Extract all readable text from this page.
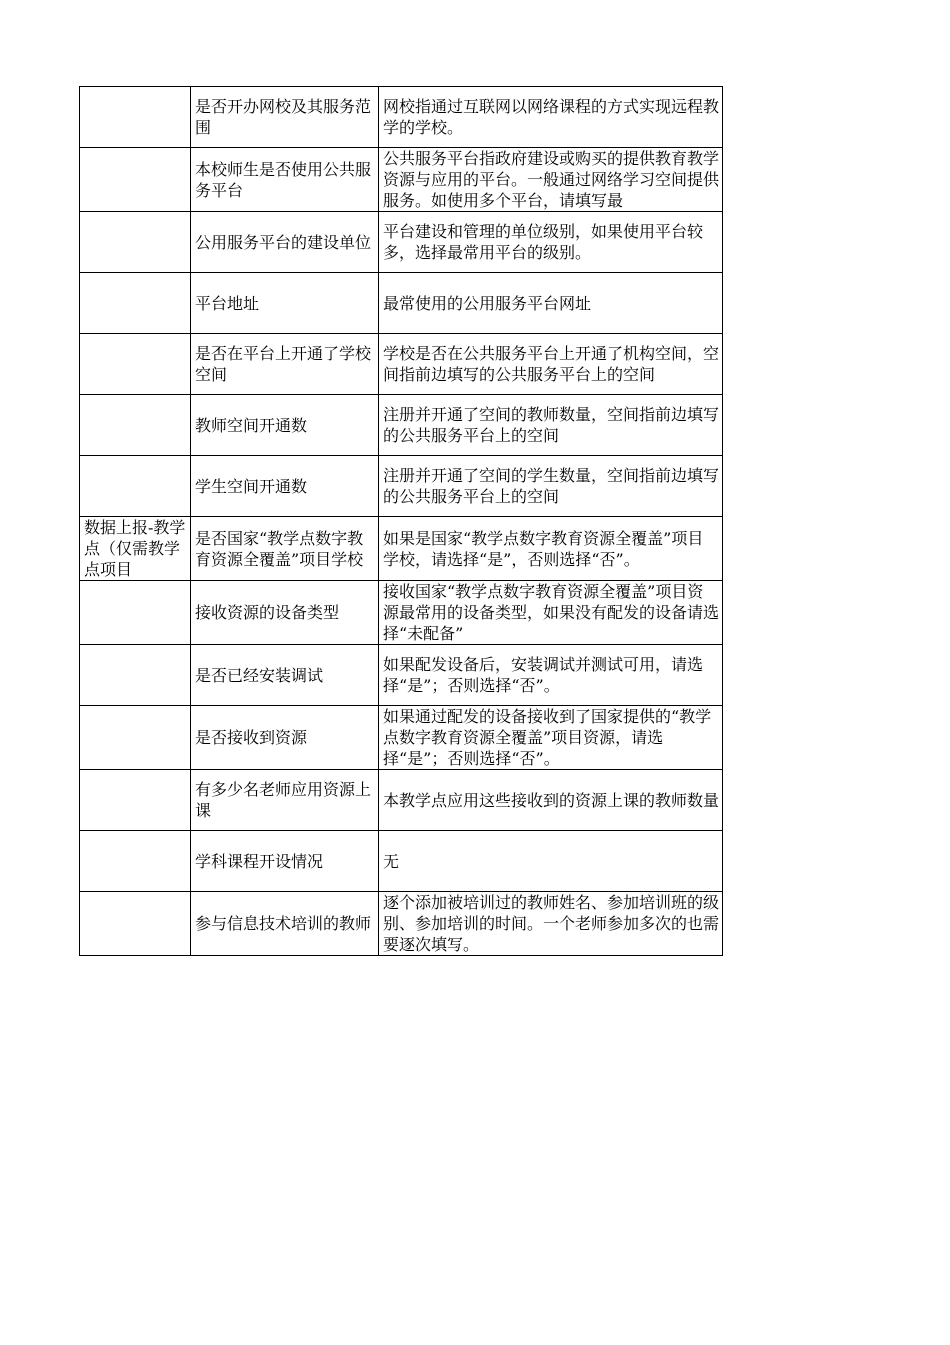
	是否开办网校及其服务范围	网校指通过互联网以网络课程的方式实现远程教学的学校。

	本校师生是否使用公共服务平台	公共服务平台指政府建设或购买的提供教育教学资源与应用的平台。一般通过网络学习空间提供服务。如使用多个平台，请填写最

	公用服务平台的建设单位	平台建设和管理的单位级别，如果使用平台较多，选择最常用平台的级别。

	平台地址	最常使用的公用服务平台网址

	是否在平台上开通了学校空间	学校是否在公共服务平台上开通了机构空间，空间指前边填写的公共服务平台上的空间

	教师空间开通数	注册并开通了空间的教师数量，空间指前边填写的公共服务平台上的空间

	学生空间开通数	注册并开通了空间的学生数量，空间指前边填写的公共服务平台上的空间

数据上报-教学点（仅需教学点项目	是否国家“教学点数字教育资源全覆盖”项目学校	如果是国家“教学点数字教育资源全覆盖”项目学校，请选择“是”，否则选择“否”。

	接收资源的设备类型	接收国家“教学点数字教育资源全覆盖”项目资源最常用的设备类型，如果没有配发的设备请选择“未配备”

	是否已经安装调试	如果配发设备后，安装调试并测试可用，请选择“是”；否则选择“否”。

	是否接收到资源	如果通过配发的设备接收到了国家提供的“教学点数字教育资源全覆盖”项目资源，请选择“是”；否则选择“否”。

	有多少名老师应用资源上课	本教学点应用这些接收到的资源上课的教师数量

	学科课程开设情况	无

	参与信息技术培训的教师	逐个添加被培训过的教师姓名、参加培训班的级别、参加培训的时间。一个老师参加多次的也需要逐次填写。
